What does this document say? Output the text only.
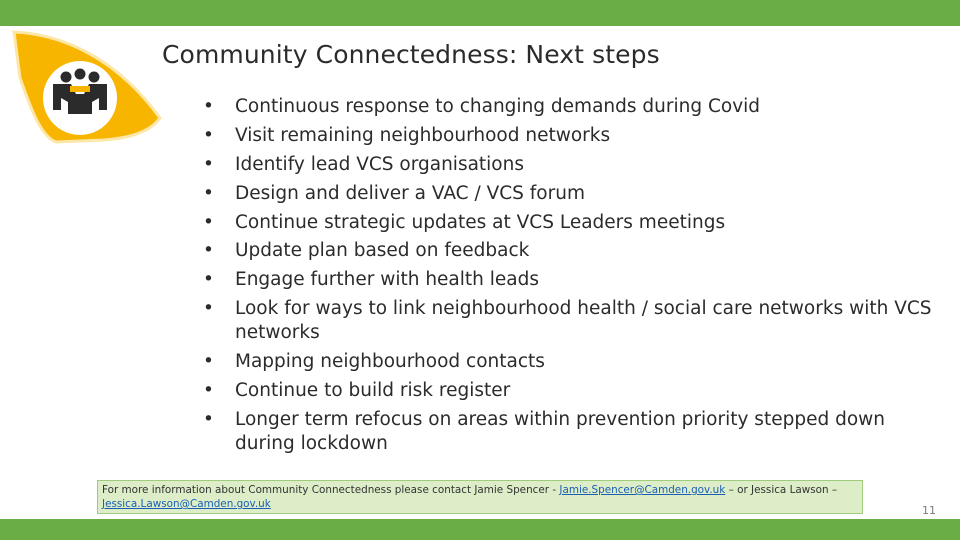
Community Connectedness: Next steps
• Continuous response to changing demands during Covid
• Visit remaining neighbourhood networks
• Identify lead VCS organisations
• Design and deliver a VAC / VCS forum
• Continue strategic updates at VCS Leaders meetings
• Update plan based on feedback
• Engage further with health leads
• Look for ways to link neighbourhood health / social care networks with VCS networks
• Mapping neighbourhood contacts
• Continue to build risk register
• Longer term refocus on areas within prevention priority stepped down during lockdown
For more information about Community Connectedness please contact Jamie Spencer - Jamie.Spencer@Camden.gov.uk – or Jessica Lawson – Jessica.Lawson@Camden.gov.uk	11
